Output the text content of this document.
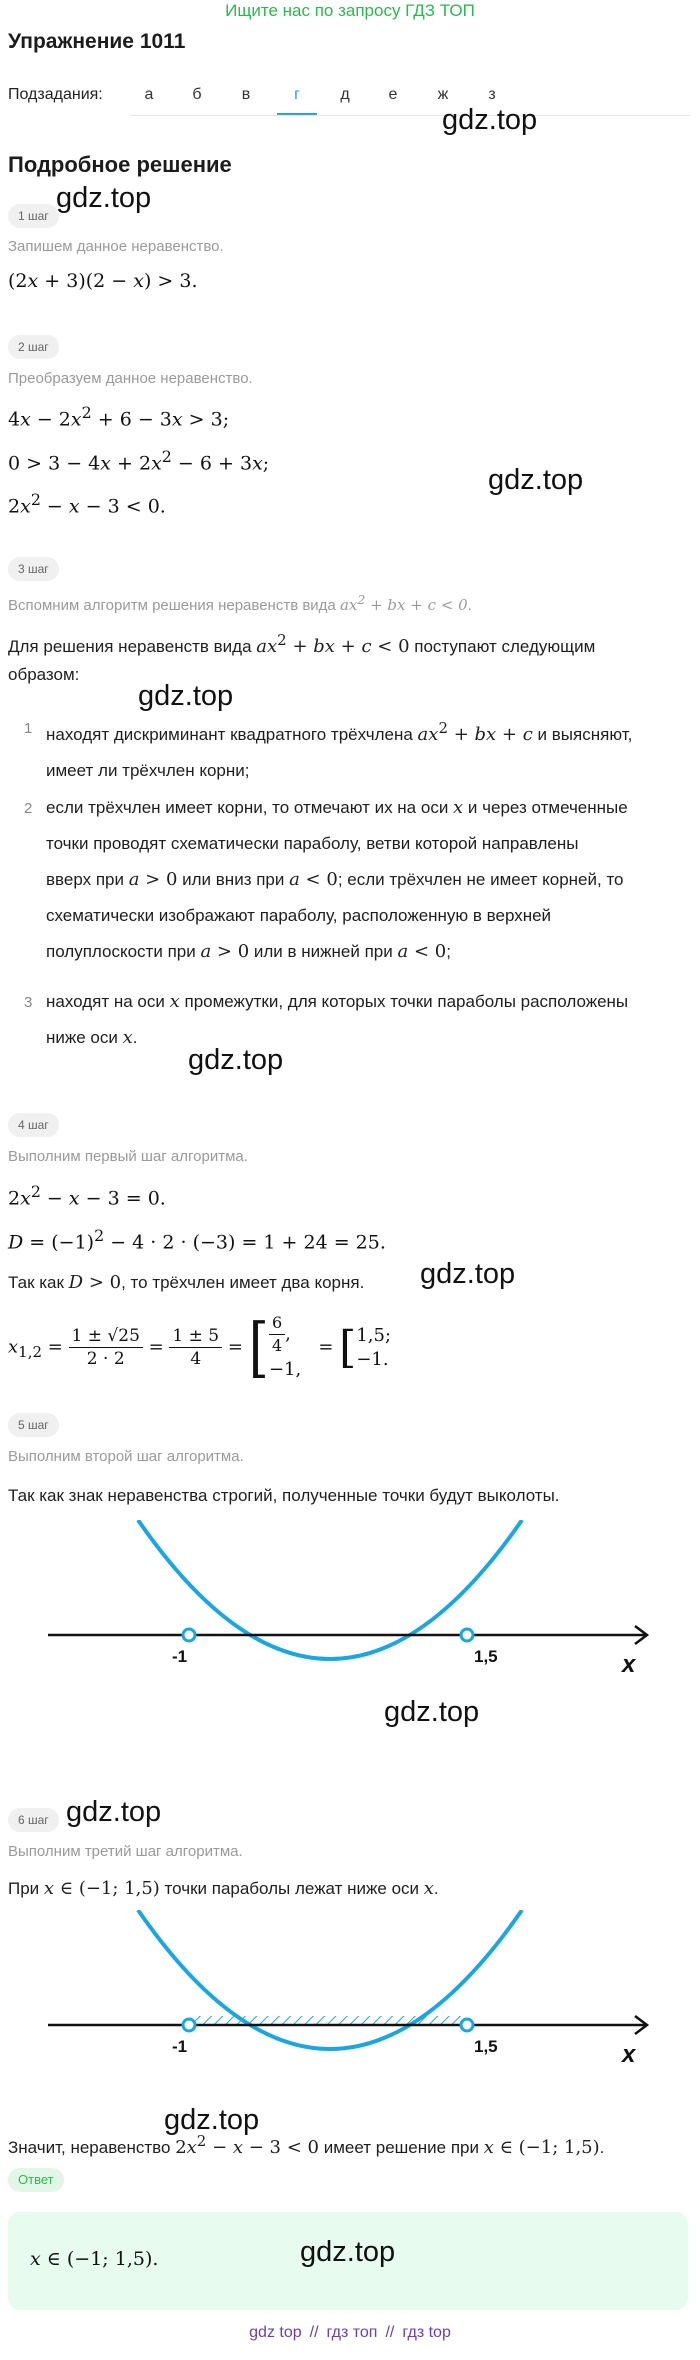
Ищите нас по запросу ГДЗ ТОП
Упражнение 1011
Подзадания:	а	б	в	г	д	е	ж	з
gdz.top
Подробное решение
1 шаг
gdz.top
Запишем данное неравенство.
(2x + 3)(2 − x) > 3.
2 шаг
Преобразуем данное неравенство.
$4x - 2x^2 + 6 - 3x > 3$;
$0 > 3 - 4x + 2x^2 - 6 + 3x$;
$2x^2 - x - 3 < 0$.
gdz.top
3 шаг
Вспомним алгоритм решения неравенств вида $ax^2$ + bx + c < 0.
Для решения неравенств вида $ax^2$ + bx + c < 0 поступают следующим
образом:
gdz.top
1 находят дискриминант квадратного трёхчлена $ax^2$ + bx + c и выясняют,
имеет ли трёхчлен корни;
2 если трёхчлен имеет корни, то отмечают их на оси x и через отмеченные
точки проводят схематически параболу, ветви которой направлены
вверх при a > 0 или вниз при a < 0; если трёхчлен не имеет корней, то
схематически изображают параболу, расположенную в верхней
полуплоскости при a > 0 или в нижней при a < 0;
3 находят на оси x промежутки, для которых точки параболы расположены
ниже оси x.
gdz.top
4 шаг
Выполним первый шаг алгоритма.
$2x^2 - x - 3 = 0$.
$D = (-1)^2 - 4 \cdot 2 \cdot (-3) = 1 + 24 = 25$.
Так как D > 0, то трёхчлен имеет два корня. gdz.top
$x_{1,2} = \frac{1 \pm √25}{2 \cdot 2} = \frac{1 \pm 5}{4}$ = [ $\frac{6}{4}$ ,
−1,   = [1,5;
−1.
5 шаг
Выполним второй шаг алгоритма.
Так как знак неравенства строгий, полученные точки будут выколоты.
-1	1,5	x
gdz.top
6 шаг gdz.top
Выполним третий шаг алгоритма.
При x ∈ (−1; 1,5) точки параболы лежат ниже оси x.
-1	1,5	x
gdz.top
Значит, неравенство $2x^2 - x - 3 < 0$ имеет решение при x ∈ (−1; 1,5).
Ответ
x ∈ (−1; 1,5).	gdz.top
gdz top // гдз топ // гдз top
